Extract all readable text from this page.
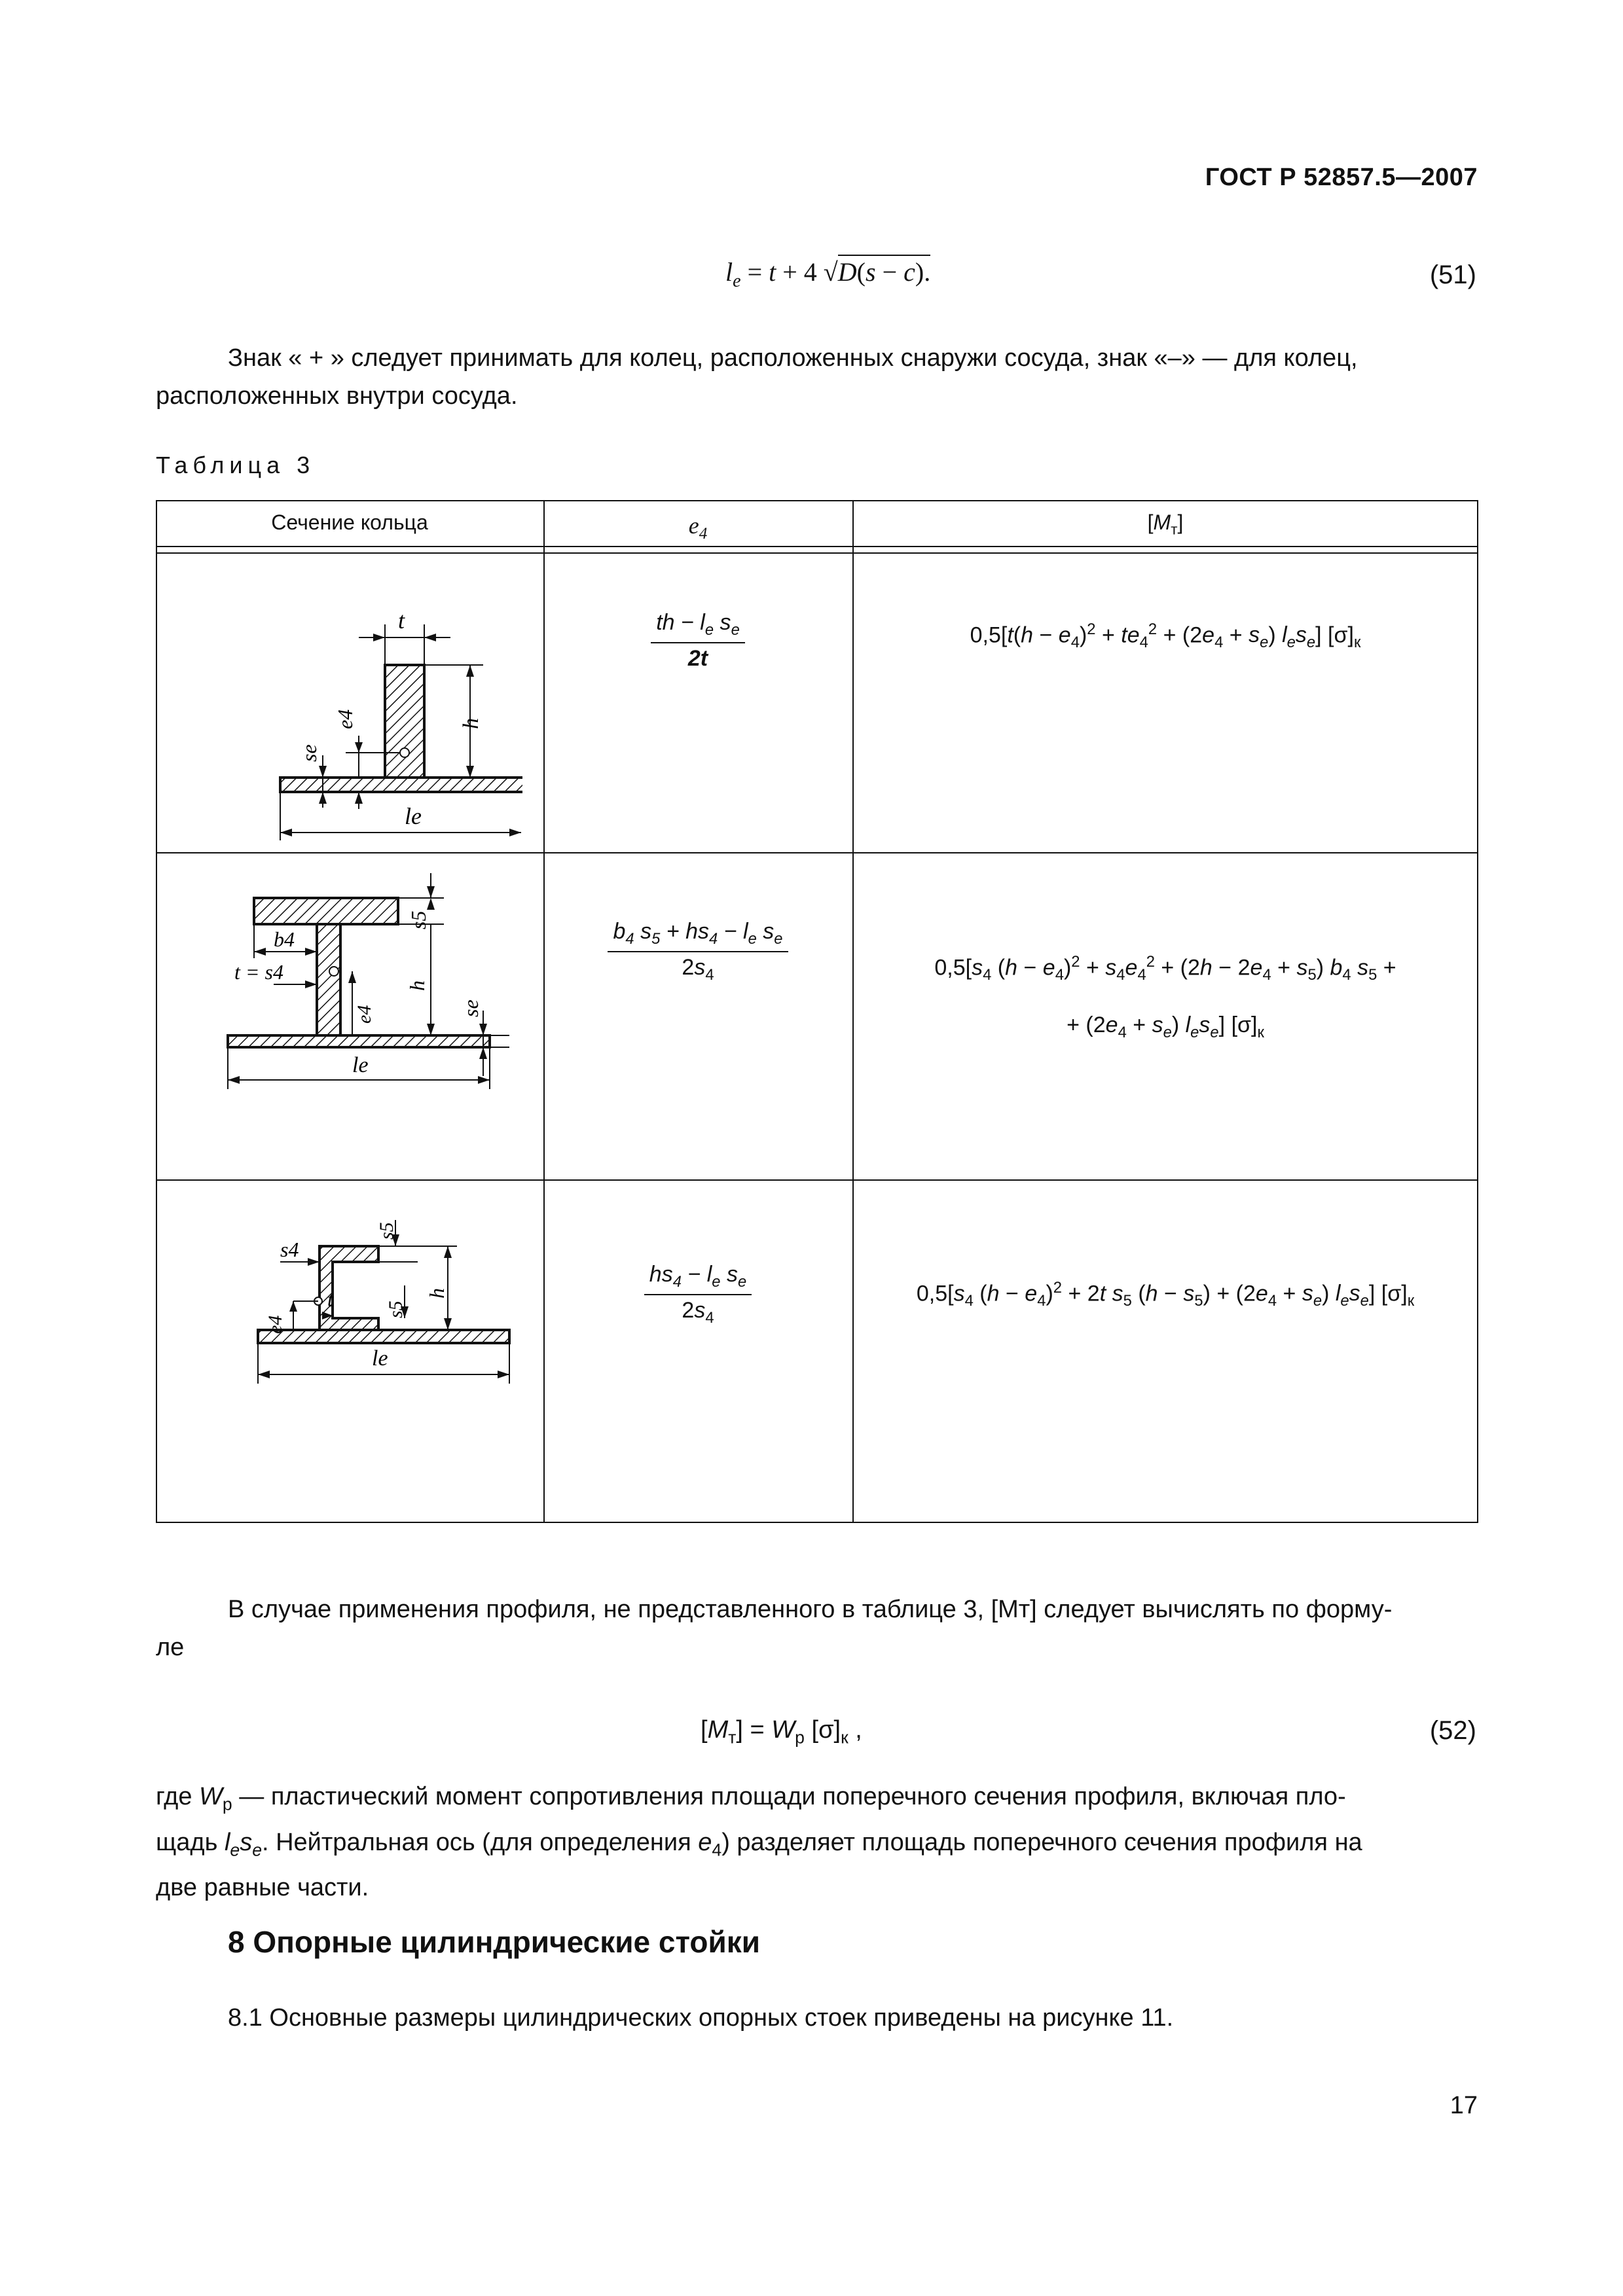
ГОСТ Р 52857.5—2007
$l_e = t + 4$ √D(s − c).	(51)
Знак « + » следует принимать для колец, расположенных снаружи сосуда, знак «–» — для колец,
расположенных внутри сосуда.
Таблица 3
Сечение кольца	$e_4$	$[M_т]$
t
h
e4
se
le
$\frac{th - l_e s_e}{2t}$	$0,5[t(h - e_4)^2 + te_4^2 + (2e_4 + s_e)$ $l_es_e$] $[\sigma]_к$
s5
h
se
b4
t = s4
e4
le
$\frac{b_4 s_5 + hs_4 - l_e s_e}{2s_4}$	$0,5[s_4$ $(h - e_4)^2 + s_4e_4^2 + (2h - 2e_4 + s_5)$ $b_4$ $s_5$ +
+ $(2e_4 + s_e)$ $l_es_e$] $[\sigma]_к$
s5
h
s5
s4
t
e4
le
$\frac{hs_4 - l_e s_e}{2s_4}$	$0,5[s_4$ $(h - e_4)^2 + 2t$ $s_5$ $(h - s_5) + (2e_4 + s_e)$ $l_es_e$] $[\sigma]_к$
В случае применения профиля, не представленного в таблице 3, [Mт] следует вычислять по форму-
ле
$[M_т] = W_р$ $[\sigma]_к$ ,	(52)
где $W_р$ — пластический момент сопротивления площади поперечного сечения профиля, включая пло-
щадь $l_es_e$. Нейтральная ось (для определения $e_4$) разделяет площадь поперечного сечения профиля на
две равные части.
8 Опорные цилиндрические стойки
8.1 Основные размеры цилиндрических опорных стоек приведены на рисунке 11.
17
